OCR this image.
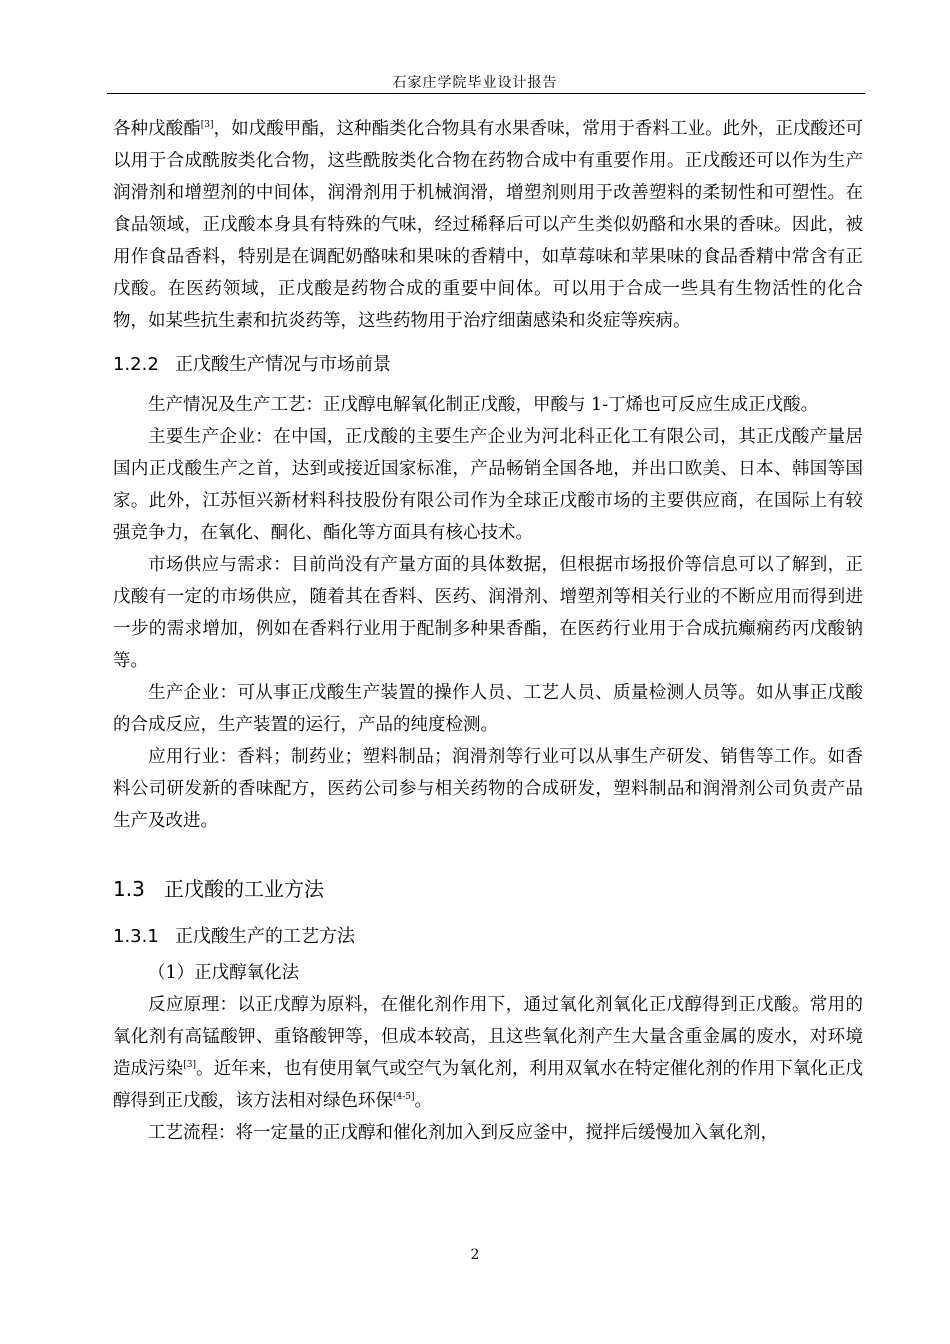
石家庄学院毕业设计报告

各种戊酸酯[3]，如戊酸甲酯，这种酯类化合物具有水果香味，常用于香料工业。此外，正戊酸还可以用于合成酰胺类化合物，这些酰胺类化合物在药物合成中有重要作用。正戊酸还可以作为生产润滑剂和增塑剂的中间体，润滑剂用于机械润滑，增塑剂则用于改善塑料的柔韧性和可塑性。在食品领域，正戊酸本身具有特殊的气味，经过稀释后可以产生类似奶酪和水果的香味。因此，被用作食品香料，特别是在调配奶酪味和果味的香精中，如草莓味和苹果味的食品香精中常含有正戊酸。在医药领域，正戊酸是药物合成的重要中间体。可以用于合成一些具有生物活性的化合物，如某些抗生素和抗炎药等，这些药物用于治疗细菌感染和炎症等疾病。

1.2.2 正戊酸生产情况与市场前景

生产情况及生产工艺：正戊醇电解氧化制正戊酸，甲酸与 1-丁烯也可反应生成正戊酸。

主要生产企业：在中国，正戊酸的主要生产企业为河北科正化工有限公司，其正戊酸产量居国内正戊酸生产之首，达到或接近国家标准，产品畅销全国各地，并出口欧美、日本、韩国等国家。此外，江苏恒兴新材料科技股份有限公司作为全球正戊酸市场的主要供应商，在国际上有较强竞争力，在氧化、酮化、酯化等方面具有核心技术。

市场供应与需求：目前尚没有产量方面的具体数据，但根据市场报价等信息可以了解到，正戊酸有一定的市场供应，随着其在香料、医药、润滑剂、增塑剂等相关行业的不断应用而得到进一步的需求增加，例如在香料行业用于配制多种果香酯，在医药行业用于合成抗癫痫药丙戊酸钠等。

生产企业：可从事正戊酸生产装置的操作人员、工艺人员、质量检测人员等。如从事正戊酸的合成反应，生产装置的运行，产品的纯度检测。

应用行业：香料；制药业；塑料制品；润滑剂等行业可以从事生产研发、销售等工作。如香料公司研发新的香味配方，医药公司参与相关药物的合成研发，塑料制品和润滑剂公司负责产品生产及改进。

1.3 正戊酸的工业方法
1.3.1 正戊酸生产的工艺方法

（1）正戊醇氧化法

反应原理：以正戊醇为原料，在催化剂作用下，通过氧化剂氧化正戊醇得到正戊酸。常用的氧化剂有高锰酸钾、重铬酸钾等，但成本较高，且这些氧化剂产生大量含重金属的废水，对环境造成污染[3]。近年来，也有使用氧气或空气为氧化剂，利用双氧水在特定催化剂的作用下氧化正戊醇得到正戊酸，该方法相对绿色环保[4-5]。

工艺流程：将一定量的正戊醇和催化剂加入到反应釜中，搅拌后缓慢加入氧化剂，

2
